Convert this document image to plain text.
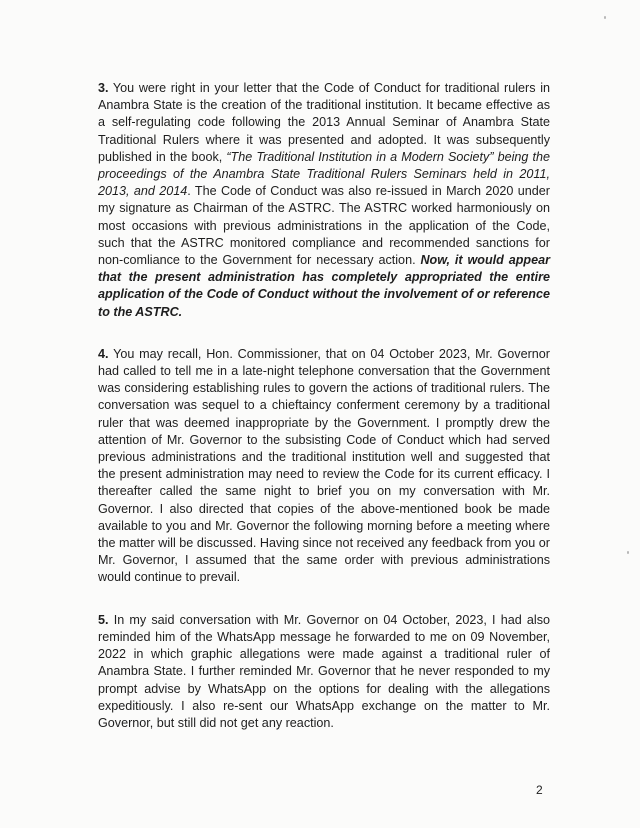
3. You were right in your letter that the Code of Conduct for traditional rulers in Anambra State is the creation of the traditional institution. It became effective as a self-regulating code following the 2013 Annual Seminar of Anambra State Traditional Rulers where it was presented and adopted. It was subsequently published in the book, “The Traditional Institution in a Modern Society” being the proceedings of the Anambra State Traditional Rulers Seminars held in 2011, 2013, and 2014. The Code of Conduct was also re-issued in March 2020 under my signature as Chairman of the ASTRC. The ASTRC worked harmoniously on most occasions with previous administrations in the application of the Code, such that the ASTRC monitored compliance and recommended sanctions for non-comliance to the Government for necessary action. Now, it would appear that the present administration has completely appropriated the entire application of the Code of Conduct without the involvement of or reference to the ASTRC.

4. You may recall, Hon. Commissioner, that on 04 October 2023, Mr. Governor had called to tell me in a late-night telephone conversation that the Government was considering establishing rules to govern the actions of traditional rulers. The conversation was sequel to a chieftaincy conferment ceremony by a traditional ruler that was deemed inappropriate by the Government. I promptly drew the attention of Mr. Governor to the subsisting Code of Conduct which had served previous administrations and the traditional institution well and suggested that the present administration may need to review the Code for its current efficacy. I thereafter called the same night to brief you on my conversation with Mr. Governor. I also directed that copies of the above-mentioned book be made available to you and Mr. Governor the following morning before a meeting where the matter will be discussed. Having since not received any feedback from you or Mr. Governor, I assumed that the same order with previous administrations would continue to prevail.

5. In my said conversation with Mr. Governor on 04 October, 2023, I had also reminded him of the WhatsApp message he forwarded to me on 09 November, 2022 in which graphic allegations were made against a traditional ruler of Anambra State. I further reminded Mr. Governor that he never responded to my prompt advise by WhatsApp on the options for dealing with the allegations expeditiously. I also re-sent our WhatsApp exchange on the matter to Mr. Governor, but still did not get any reaction.

2
